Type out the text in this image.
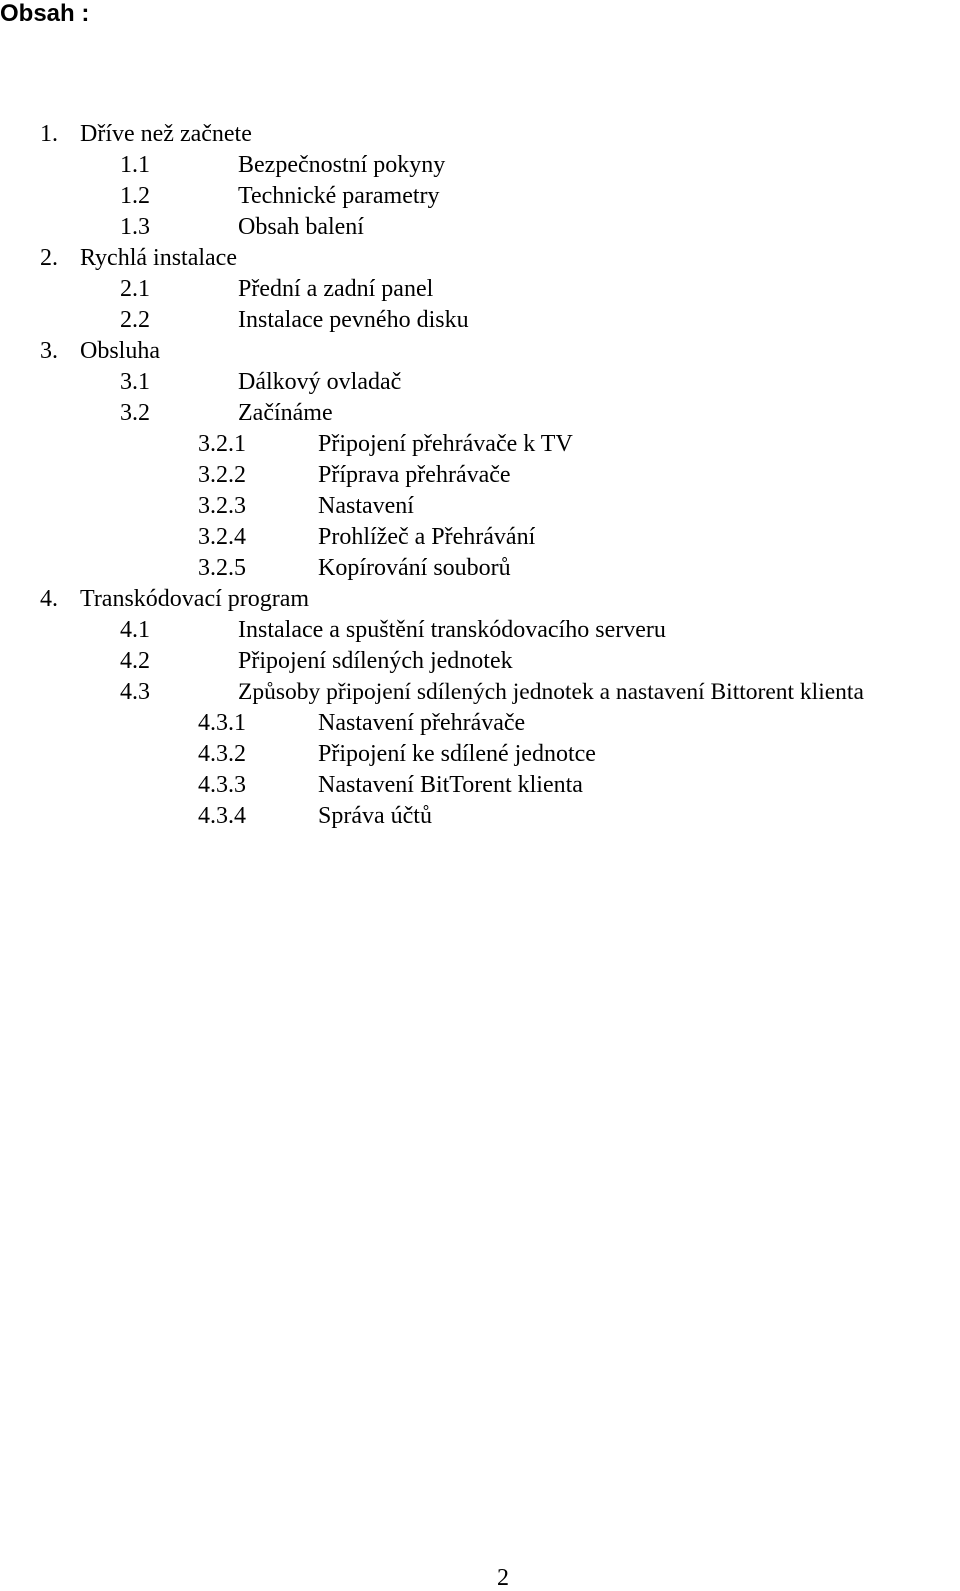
Obsah :
1. Dříve než začnete
1.1	Bezpečnostní pokyny
1.2	Technické parametry
1.3	Obsah balení
2. Rychlá instalace
2.1	Přední a zadní panel
2.2	Instalace pevného disku
3. Obsluha
3.1	Dálkový ovladač
3.2	Začínáme
3.2.1	Připojení přehrávače k TV
3.2.2	Příprava přehrávače
3.2.3	Nastavení
3.2.4	Prohlížeč a Přehrávání
3.2.5	Kopírování souborů
4. Transkódovací program
4.1	Instalace a spuštění transkódovacího serveru
4.2	Připojení sdílených jednotek
4.3	Způsoby připojení sdílených jednotek a nastavení Bittorent klienta
4.3.1	Nastavení přehrávače
4.3.2	Připojení ke sdílené jednotce
4.3.3	Nastavení BitTorent klienta
4.3.4	Správa účtů
2
